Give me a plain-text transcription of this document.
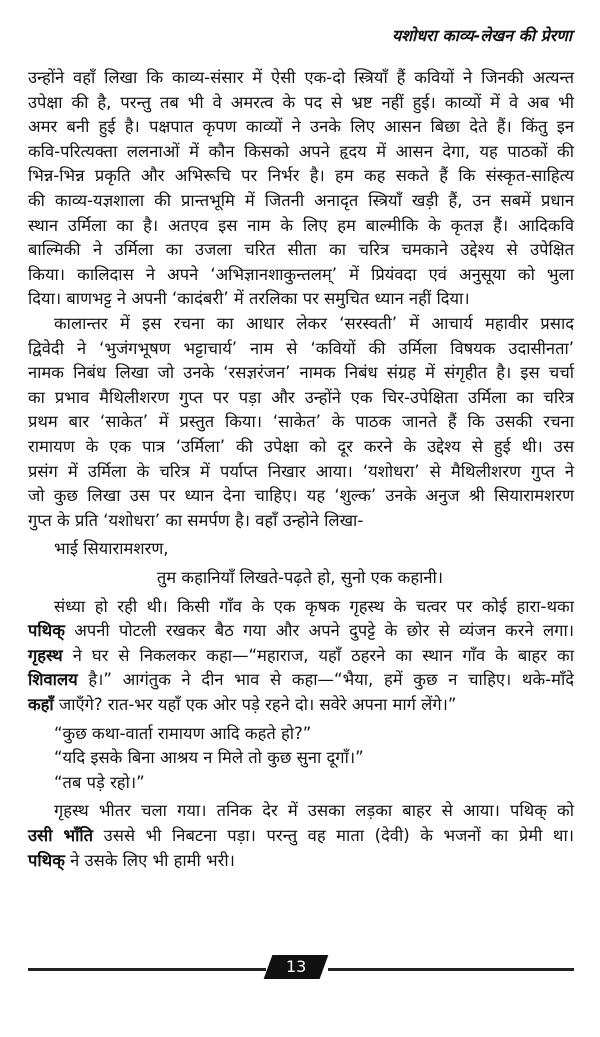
यशोधरा काव्य-लेखन की प्रेरणा
उन्होंने वहाँ लिखा कि काव्य-संसार में ऐसी एक-दो स्त्रियाँ हैं कवियों ने जिनकी अत्यन्त
उपेक्षा की है, परन्तु तब भी वे अमरत्व के पद से भ्रष्ट नहीं हुई। काव्यों में वे अब भी
अमर बनी हुई है। पक्षपात कृपण काव्यों ने उनके लिए आसन बिछा देते हैं। किंतु इन
कवि-परित्यक्ता ललनाओं में कौन किसको अपने हृदय में आसन देगा, यह पाठकों की
भिन्न-भिन्न प्रकृति और अभिरूचि पर निर्भर है। हम कह सकते हैं कि संस्कृत-साहित्य
की काव्य-यज्ञशाला की प्रान्तभूमि में जितनी अनादृत स्त्रियाँ खड़ी हैं, उन सबमें प्रधान
स्थान उर्मिला का है। अतएव इस नाम के लिए हम बाल्मीकि के कृतज्ञ हैं। आदिकवि
बाल्मिकी ने उर्मिला का उजला चरित सीता का चरित्र चमकाने उद्देश्य से उपेक्षित
किया। कालिदास ने अपने ‘अभिज्ञानशाकुन्तलम्’ में प्रियंवदा एवं अनुसूया को भुला
दिया। बाणभट्ट ने अपनी ‘कादंबरी’ में तरलिका पर समुचित ध्यान नहीं दिया।
कालान्तर में इस रचना का आधार लेकर ‘सरस्वती’ में आचार्य महावीर प्रसाद
द्विवेदी ने ‘भुजंगभूषण भट्टाचार्य’ नाम से ‘कवियों की उर्मिला विषयक उदासीनता’
नामक निबंध लिखा जो उनके ‘रसज्ञरंजन’ नामक निबंध संग्रह में संगृहीत है। इस चर्चा
का प्रभाव मैथिलीशरण गुप्त पर पड़ा और उन्होंने एक चिर-उपेक्षिता उर्मिला का चरित्र
प्रथम बार ‘साकेत’ में प्रस्तुत किया। ‘साकेत’ के पाठक जानते हैं कि उसकी रचना
रामायण के एक पात्र ‘उर्मिला’ की उपेक्षा को दूर करने के उद्देश्य से हुई थी। उस
प्रसंग में उर्मिला के चरित्र में पर्याप्त निखार आया। ‘यशोधरा’ से मैथिलीशरण गुप्त ने
जो कुछ लिखा उस पर ध्यान देना चाहिए। यह ‘शुल्क’ उनके अनुज श्री सियारामशरण
गुप्त के प्रति ‘यशोधरा’ का समर्पण है। वहाँ उन्होने लिखा-
भाई सियारामशरण,
तुम कहानियाँ लिखते-पढ़ते हो, सुनो एक कहानी।
संध्या हो रही थी। किसी गाँव के एक कृषक गृहस्थ के चत्वर पर कोई हारा-थका
पथिक् अपनी पोटली रखकर बैठ गया और अपने दुपट्टे के छोर से व्यंजन करने लगा।
गृहस्थ ने घर से निकलकर कहा—“महाराज, यहाँ ठहरने का स्थान गाँव के बाहर का
शिवालय है।” आगंतुक ने दीन भाव से कहा—“भैया, हमें कुछ न चाहिए। थके-माँदे
कहाँ जाएँगे? रात-भर यहाँ एक ओर पड़े रहने दो। सवेरे अपना मार्ग लेंगे।”
“कुछ कथा-वार्ता रामायण आदि कहते हो?”
“यदि इसके बिना आश्रय न मिले तो कुछ सुना दूगाँ।”
“तब पड़े रहो।”
गृहस्थ भीतर चला गया। तनिक देर में उसका लड़का बाहर से आया। पथिक् को
उसी भाँति उससे भी निबटना पड़ा। परन्तु वह माता (देवी) के भजनों का प्रेमी था।
पथिक् ने उसके लिए भी हामी भरी।
13
